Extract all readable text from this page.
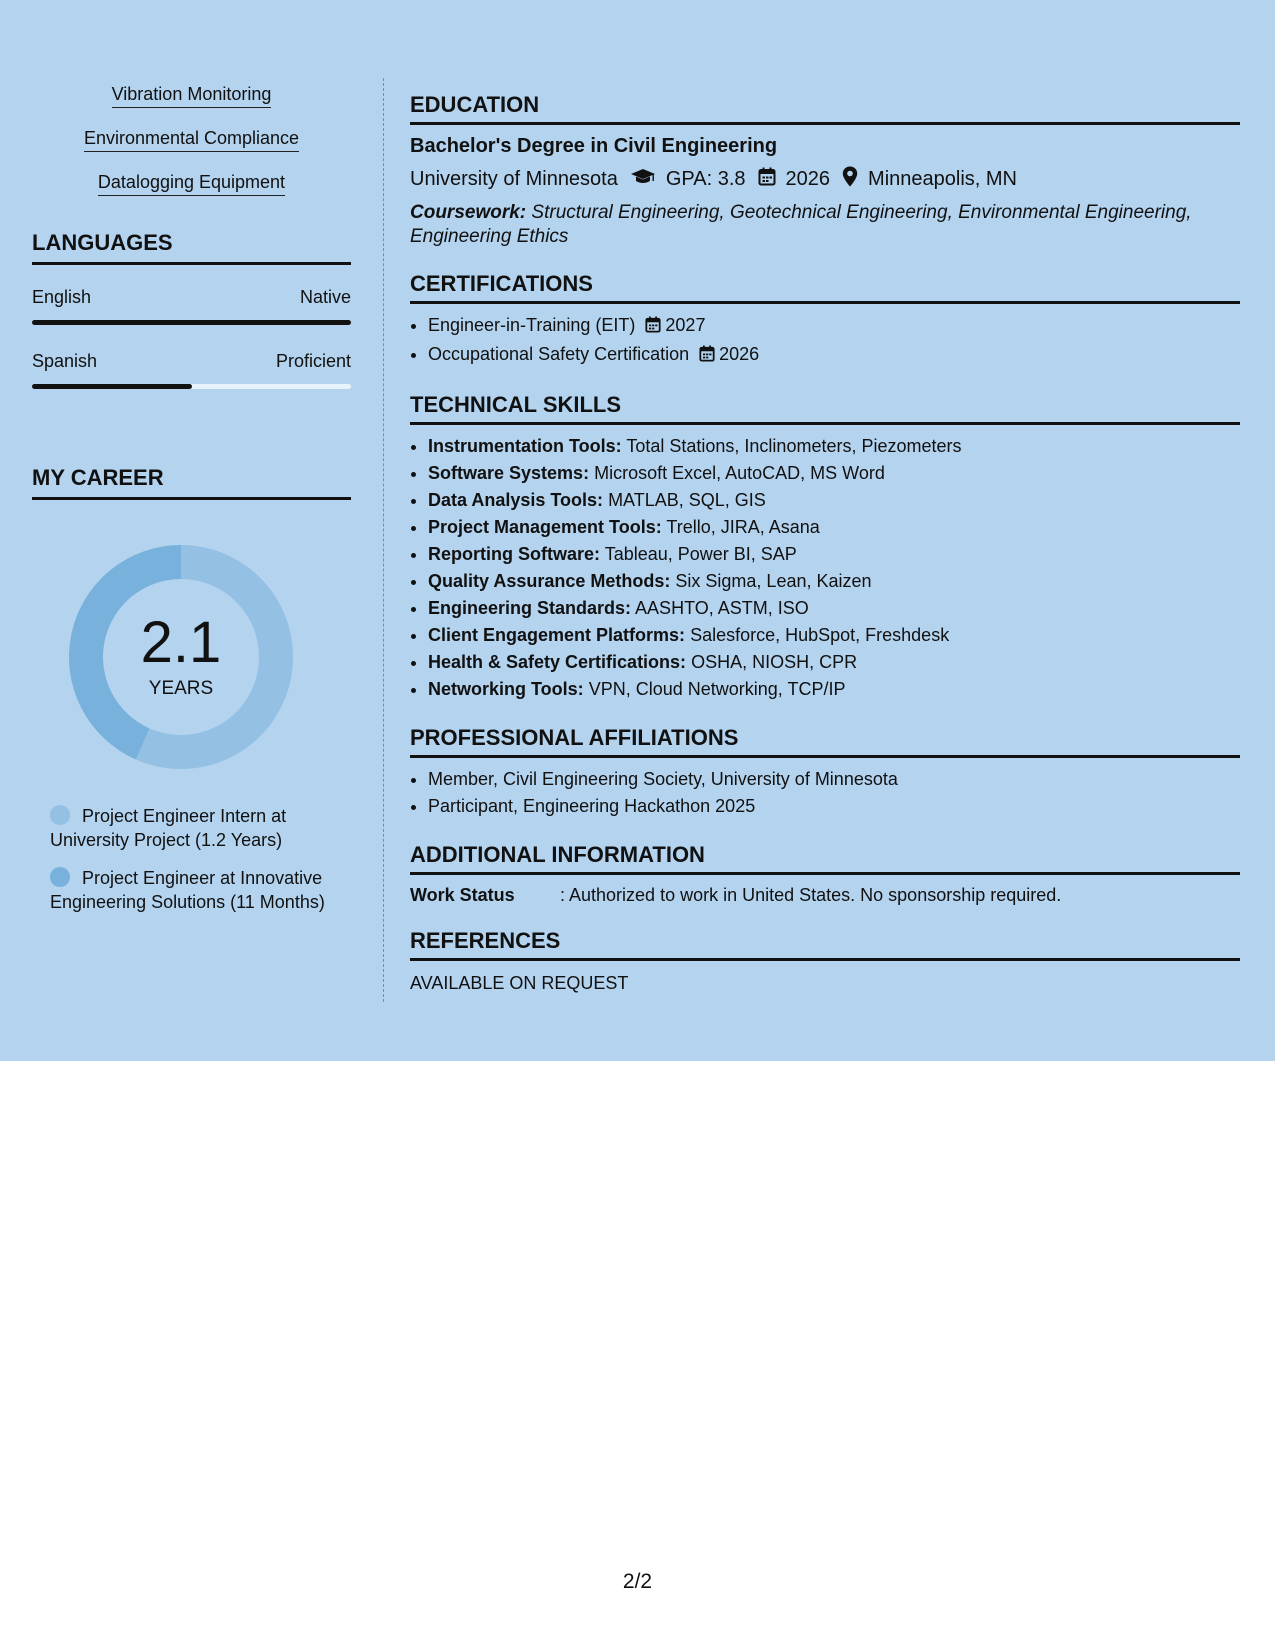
Vibration Monitoring
Environmental Compliance
Datalogging Equipment
LANGUAGES
English	Native
Spanish	Proficient
MY CAREER
2.1
YEARS
Project Engineer Intern at University Project (1.2 Years)
Project Engineer at Innovative Engineering Solutions (11 Months)
EDUCATION
Bachelor's Degree in Civil Engineering
University of Minnesota GPA: 3.8 2026 Minneapolis, MN
Coursework: Structural Engineering, Geotechnical Engineering, Environmental Engineering, Engineering Ethics
CERTIFICATIONS
• Engineer-in-Training (EIT) 2027
• Occupational Safety Certification 2026
TECHNICAL SKILLS
• Instrumentation Tools: Total Stations, Inclinometers, Piezometers
• Software Systems: Microsoft Excel, AutoCAD, MS Word
• Data Analysis Tools: MATLAB, SQL, GIS
• Project Management Tools: Trello, JIRA, Asana
• Reporting Software: Tableau, Power BI, SAP
• Quality Assurance Methods: Six Sigma, Lean, Kaizen
• Engineering Standards: AASHTO, ASTM, ISO
• Client Engagement Platforms: Salesforce, HubSpot, Freshdesk
• Health & Safety Certifications: OSHA, NIOSH, CPR
• Networking Tools: VPN, Cloud Networking, TCP/IP
PROFESSIONAL AFFILIATIONS
• Member, Civil Engineering Society, University of Minnesota
• Participant, Engineering Hackathon 2025
ADDITIONAL INFORMATION
Work Status	: Authorized to work in United States. No sponsorship required.
REFERENCES
AVAILABLE ON REQUEST
2/2
